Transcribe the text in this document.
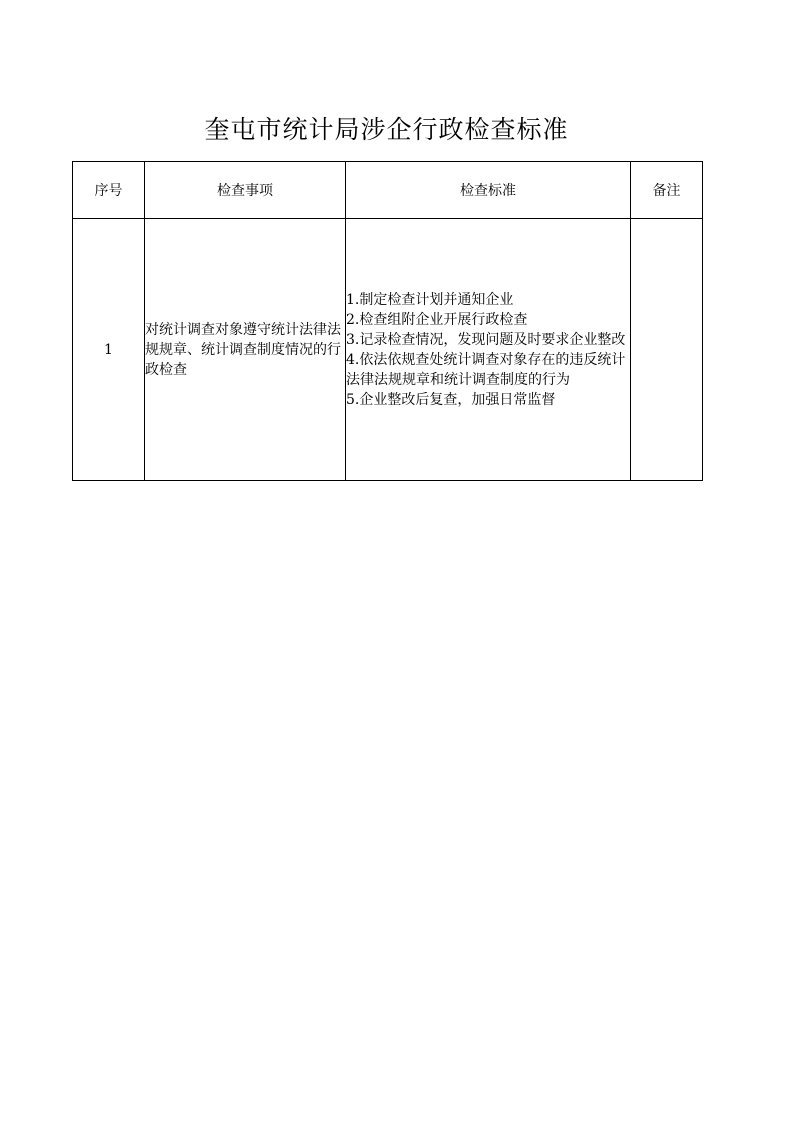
奎屯市统计局涉企行政检查标准
序号	检查事项	检查标准	备注
1	对统计调查对象遵守统计法律法规规章、统计调查制度情况的行政检查	1.制定检查计划并通知企业
2.检查组附企业开展行政检查
3.记录检查情况，发现问题及时要求企业整改
4.依法依规查处统计调查对象存在的违反统计法律法规规章和统计调查制度的行为
5.企业整改后复查，加强日常监督	
